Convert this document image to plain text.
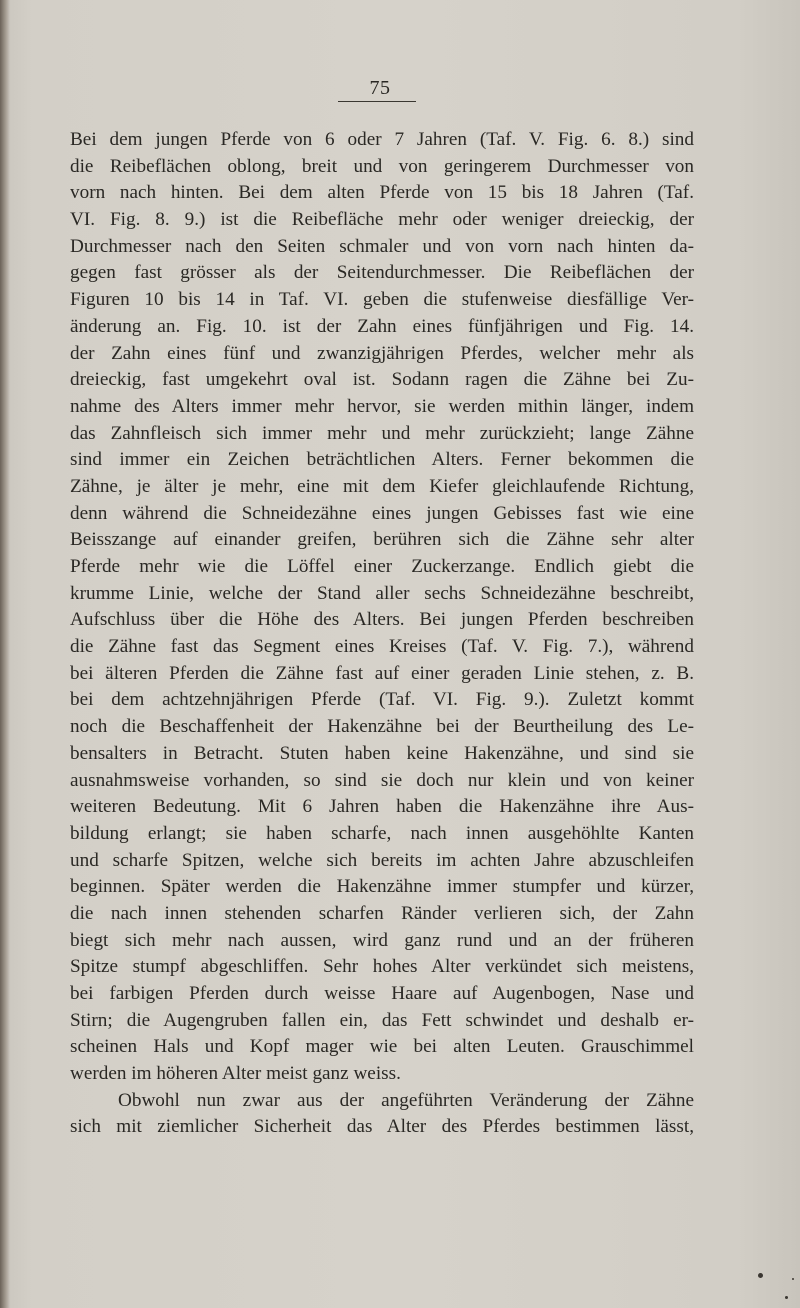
75
Bei dem jungen Pferde von 6 oder 7 Jahren (Taf. V. Fig. 6. 8.) sind
die Reibeflächen oblong, breit und von geringerem Durchmesser von
vorn nach hinten. Bei dem alten Pferde von 15 bis 18 Jahren (Taf.
VI. Fig. 8. 9.) ist die Reibefläche mehr oder weniger dreieckig, der
Durchmesser nach den Seiten schmaler und von vorn nach hinten da-
gegen fast grösser als der Seitendurchmesser. Die Reibeflächen der
Figuren 10 bis 14 in Taf. VI. geben die stufenweise diesfällige Ver-
änderung an. Fig. 10. ist der Zahn eines fünfjährigen und Fig. 14.
der Zahn eines fünf und zwanzigjährigen Pferdes, welcher mehr als
dreieckig, fast umgekehrt oval ist. Sodann ragen die Zähne bei Zu-
nahme des Alters immer mehr hervor, sie werden mithin länger, indem
das Zahnfleisch sich immer mehr und mehr zurückzieht; lange Zähne
sind immer ein Zeichen beträchtlichen Alters. Ferner bekommen die
Zähne, je älter je mehr, eine mit dem Kiefer gleichlaufende Richtung,
denn während die Schneidezähne eines jungen Gebisses fast wie eine
Beisszange auf einander greifen, berühren sich die Zähne sehr alter
Pferde mehr wie die Löffel einer Zuckerzange. Endlich giebt die
krumme Linie, welche der Stand aller sechs Schneidezähne beschreibt,
Aufschluss über die Höhe des Alters. Bei jungen Pferden beschreiben
die Zähne fast das Segment eines Kreises (Taf. V. Fig. 7.), während
bei älteren Pferden die Zähne fast auf einer geraden Linie stehen, z. B.
bei dem achtzehnjährigen Pferde (Taf. VI. Fig. 9.). Zuletzt kommt
noch die Beschaffenheit der Hakenzähne bei der Beurtheilung des Le-
bensalters in Betracht. Stuten haben keine Hakenzähne, und sind sie
ausnahmsweise vorhanden, so sind sie doch nur klein und von keiner
weiteren Bedeutung. Mit 6 Jahren haben die Hakenzähne ihre Aus-
bildung erlangt; sie haben scharfe, nach innen ausgehöhlte Kanten
und scharfe Spitzen, welche sich bereits im achten Jahre abzuschleifen
beginnen. Später werden die Hakenzähne immer stumpfer und kürzer,
die nach innen stehenden scharfen Ränder verlieren sich, der Zahn
biegt sich mehr nach aussen, wird ganz rund und an der früheren
Spitze stumpf abgeschliffen. Sehr hohes Alter verkündet sich meistens,
bei farbigen Pferden durch weisse Haare auf Augenbogen, Nase und
Stirn; die Augengruben fallen ein, das Fett schwindet und deshalb er-
scheinen Hals und Kopf mager wie bei alten Leuten. Grauschimmel
werden im höheren Alter meist ganz weiss.
Obwohl nun zwar aus der angeführten Veränderung der Zähne
sich mit ziemlicher Sicherheit das Alter des Pferdes bestimmen lässt,
